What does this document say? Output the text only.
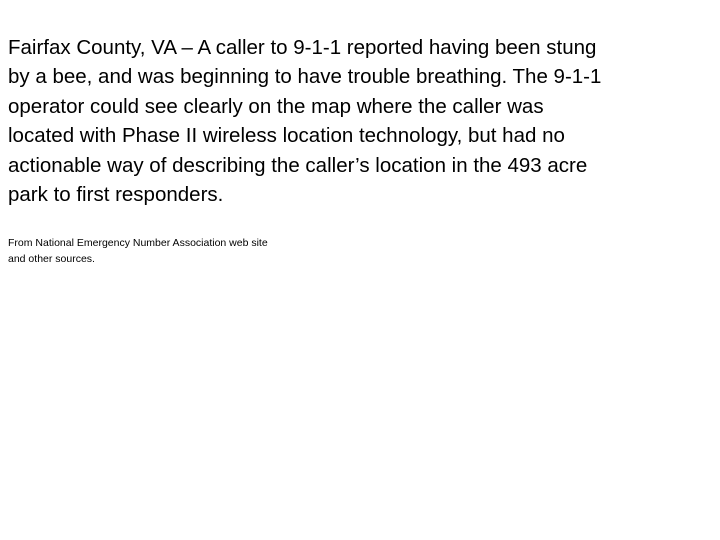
Fairfax County, VA – A caller to 9-1-1 reported having been stung
by a bee, and was beginning to have trouble breathing. The 9-1-1
operator could see clearly on the map where the caller was
located with Phase II wireless location technology, but had no
actionable way of describing the caller’s location in the 493 acre
park to first responders.

From National Emergency Number Association web site
and other sources.
